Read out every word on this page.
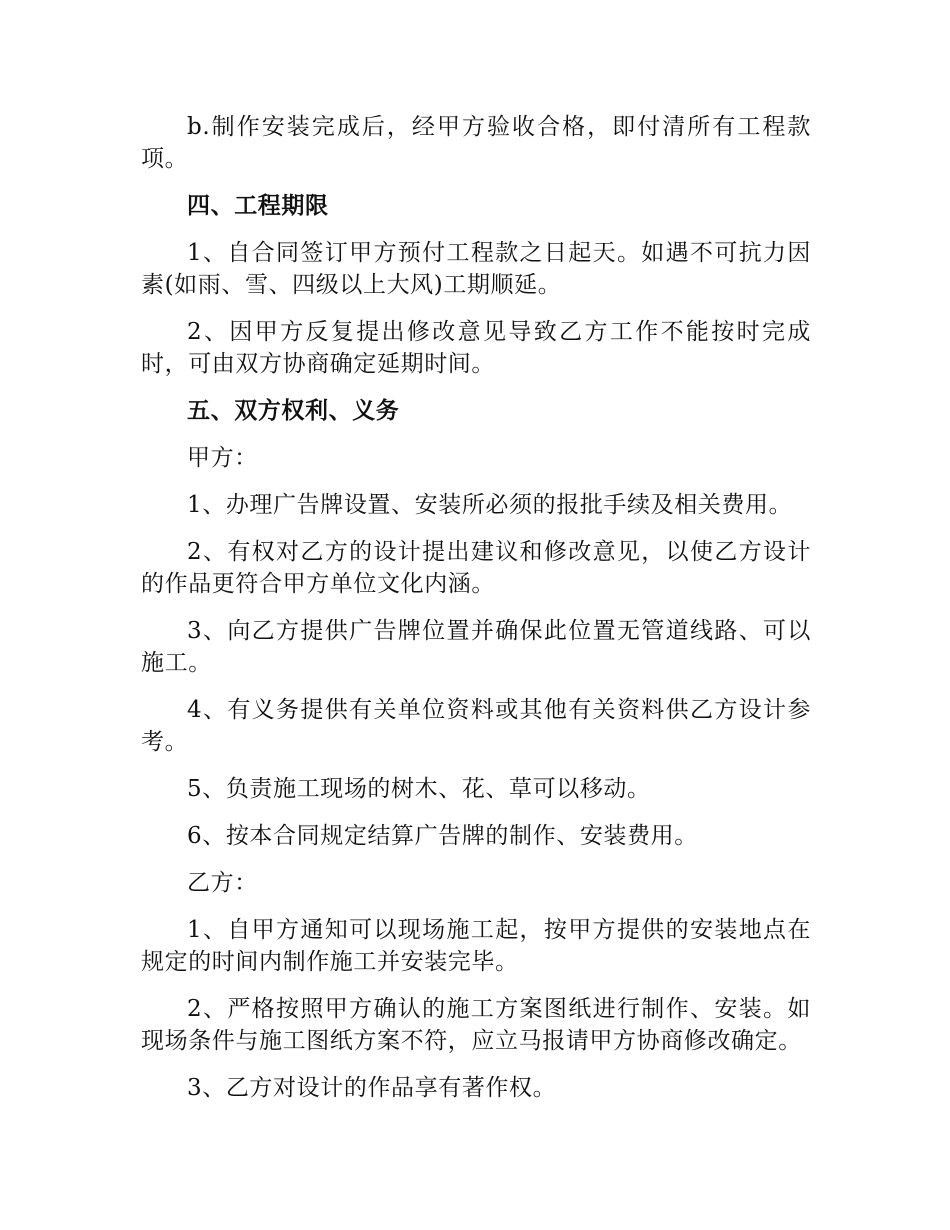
b.制作安装完成后，经甲方验收合格，即付清所有工程款项。

四、工程期限

1、自合同签订甲方预付工程款之日起天。如遇不可抗力因素(如雨、雪、四级以上大风)工期顺延。

2、因甲方反复提出修改意见导致乙方工作不能按时完成时，可由双方协商确定延期时间。

五、双方权利、义务

甲方：

1、办理广告牌设置、安装所必须的报批手续及相关费用。

2、有权对乙方的设计提出建议和修改意见，以使乙方设计的作品更符合甲方单位文化内涵。

3、向乙方提供广告牌位置并确保此位置无管道线路、可以施工。

4、有义务提供有关单位资料或其他有关资料供乙方设计参考。

5、负责施工现场的树木、花、草可以移动。

6、按本合同规定结算广告牌的制作、安装费用。

乙方：

1、自甲方通知可以现场施工起，按甲方提供的安装地点在规定的时间内制作施工并安装完毕。

2、严格按照甲方确认的施工方案图纸进行制作、安装。如现场条件与施工图纸方案不符，应立马报请甲方协商修改确定。

3、乙方对设计的作品享有著作权。
